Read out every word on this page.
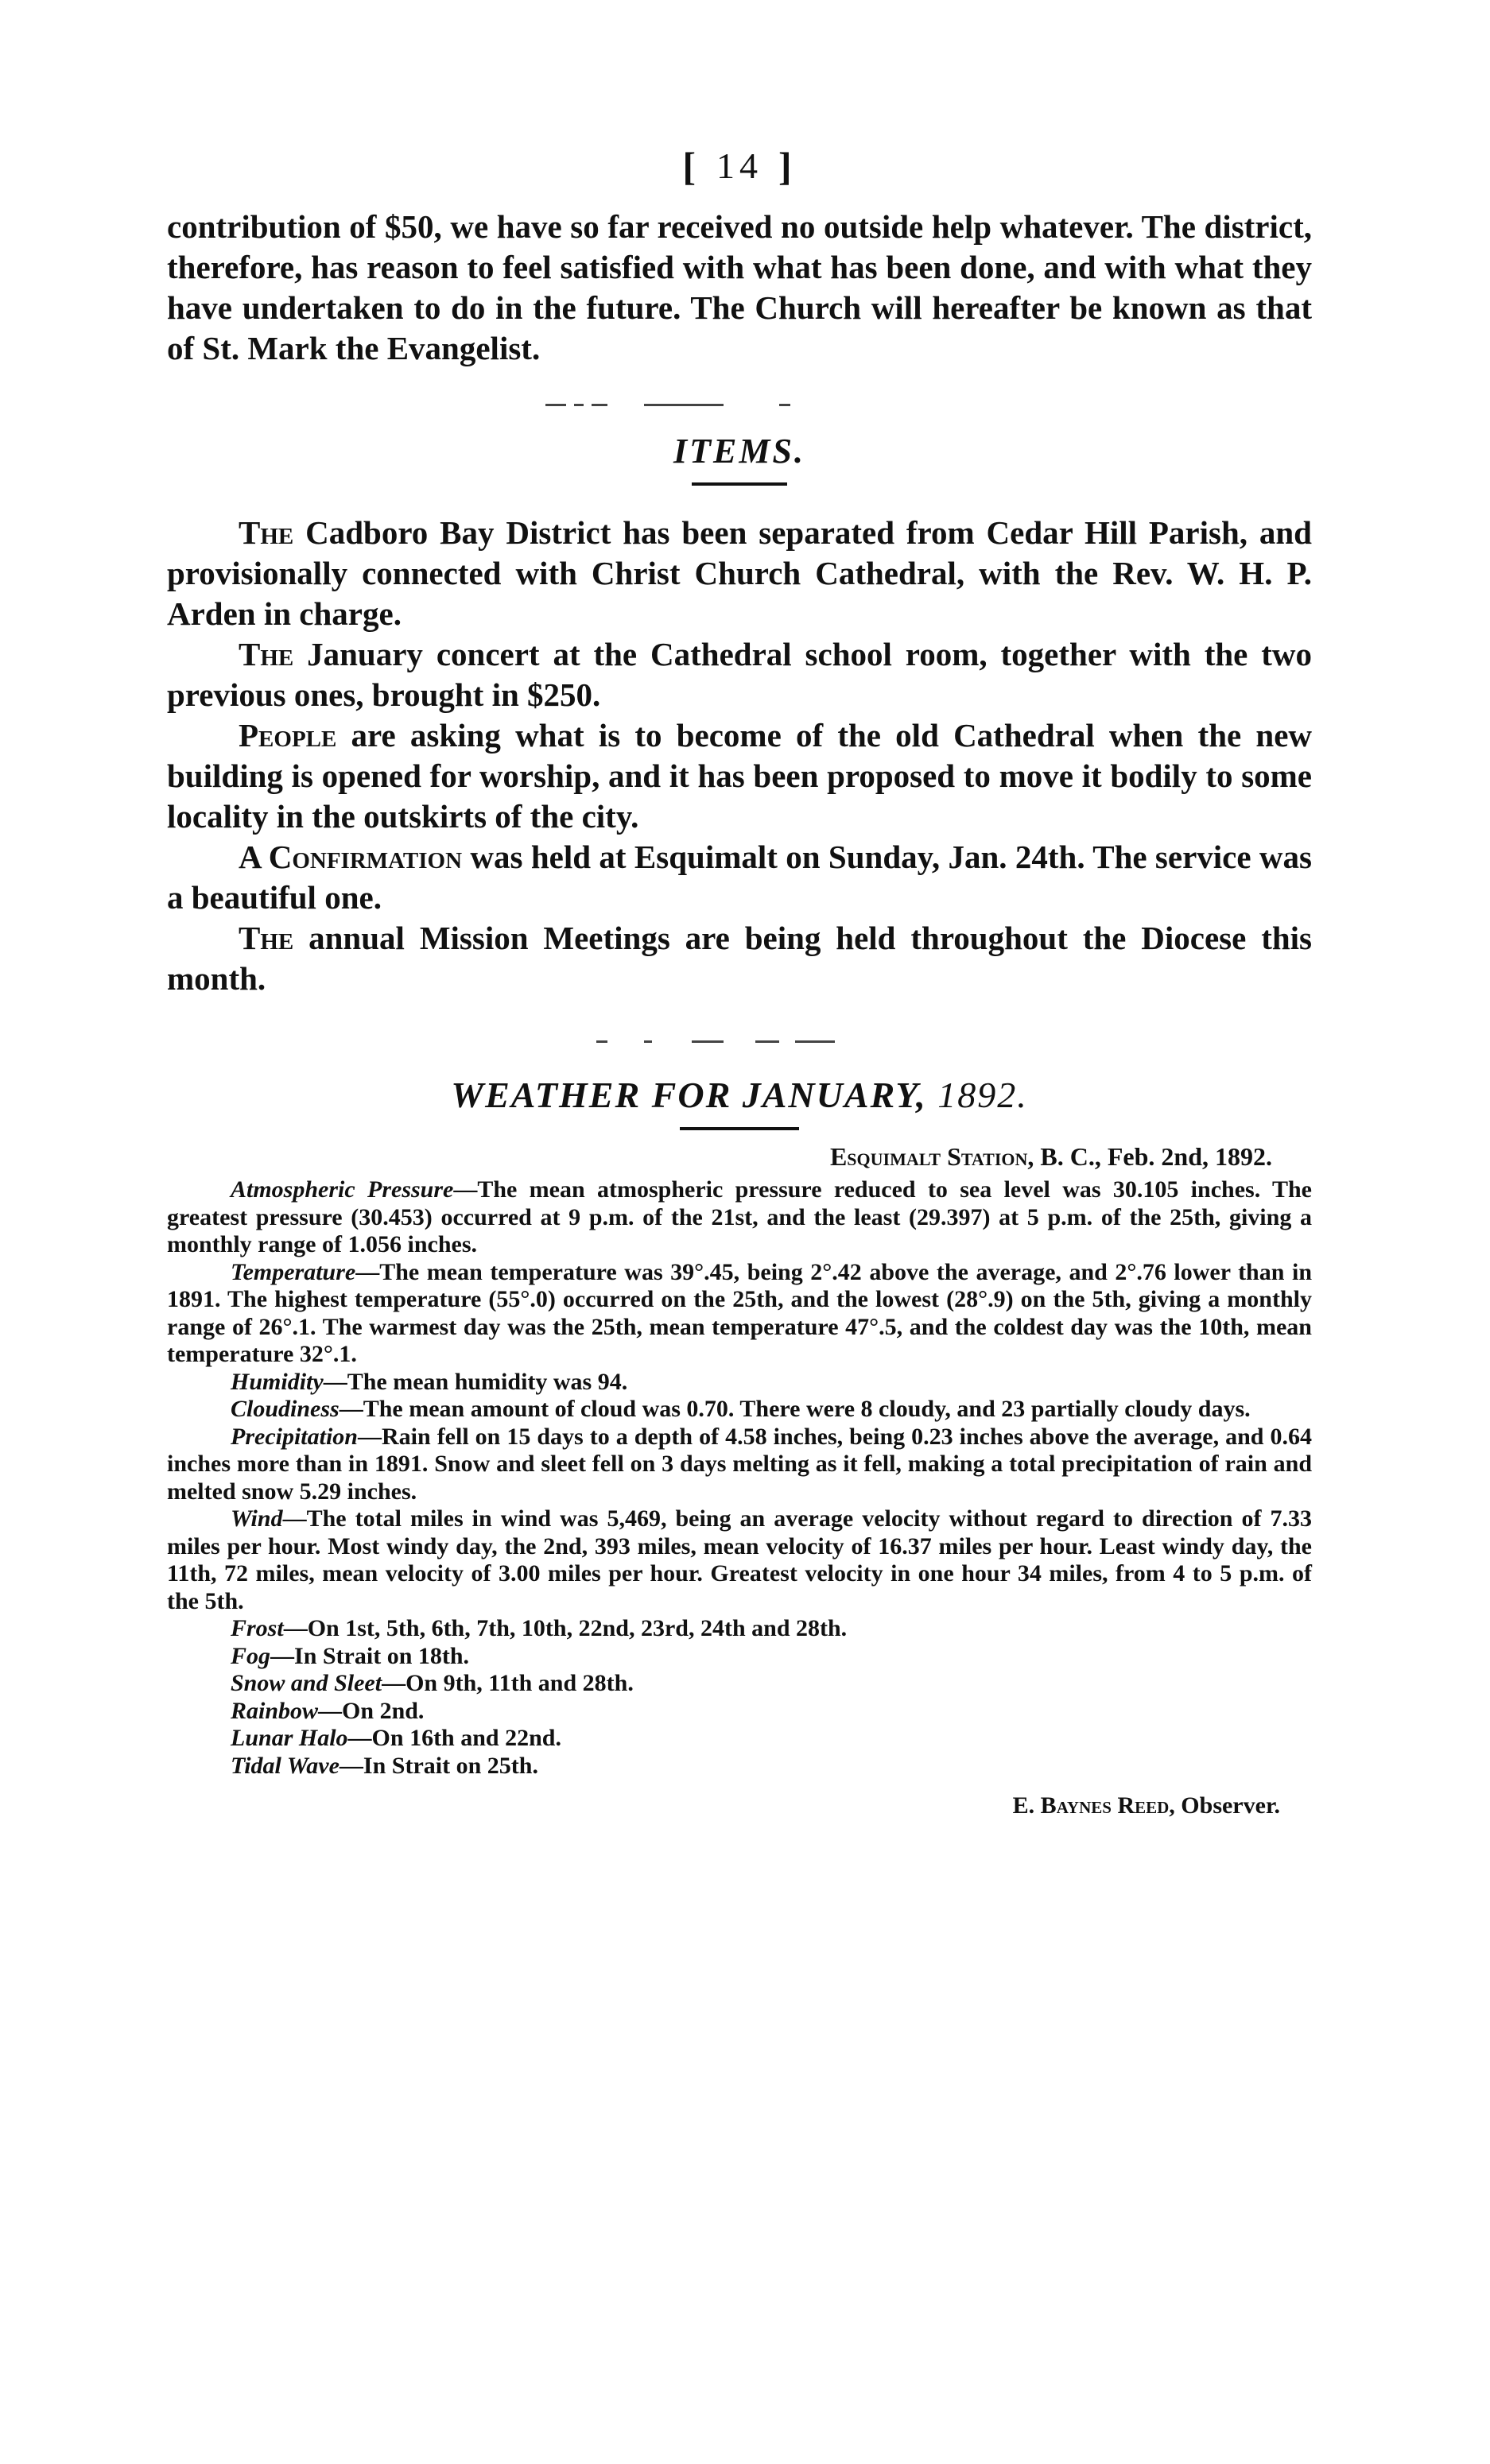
[ 14 ]

contribution of $50, we have so far received no outside help whatever. The district, therefore, has reason to feel satisfied with what has been done, and with what they have undertaken to do in the future. The Church will hereafter be known as that of St. Mark the Evangelist.

ITEMS.

The Cadboro Bay District has been separated from Cedar Hill Parish, and provisionally connected with Christ Church Cathedral, with the Rev. W. H. P. Arden in charge.

The January concert at the Cathedral school room, together with the two previous ones, brought in $250.

People are asking what is to become of the old Cathedral when the new building is opened for worship, and it has been proposed to move it bodily to some locality in the outskirts of the city.

A Confirmation was held at Esquimalt on Sunday, Jan. 24th. The service was a beautiful one.

The annual Mission Meetings are being held throughout the Diocese this month.

WEATHER FOR JANUARY, 1892.
Esquimalt Station, B. C., Feb. 2nd, 1892.

Atmospheric Pressure—The mean atmospheric pressure reduced to sea level was 30.105 inches. The greatest pressure (30.453) occurred at 9 p.m. of the 21st, and the least (29.397) at 5 p.m. of the 25th, giving a monthly range of 1.056 inches.

Temperature—The mean temperature was 39°.45, being 2°.42 above the average, and 2°.76 lower than in 1891. The highest temperature (55°.0) occurred on the 25th, and the lowest (28°.9) on the 5th, giving a monthly range of 26°.1. The warmest day was the 25th, mean temperature 47°.5, and the coldest day was the 10th, mean temperature 32°.1.

Humidity—The mean humidity was 94.

Cloudiness—The mean amount of cloud was 0.70. There were 8 cloudy, and 23 partially cloudy days.

Precipitation—Rain fell on 15 days to a depth of 4.58 inches, being 0.23 inches above the average, and 0.64 inches more than in 1891. Snow and sleet fell on 3 days melting as it fell, making a total precipitation of rain and melted snow 5.29 inches.

Wind—The total miles in wind was 5,469, being an average velocity without regard to direction of 7.33 miles per hour. Most windy day, the 2nd, 393 miles, mean velocity of 16.37 miles per hour. Least windy day, the 11th, 72 miles, mean velocity of 3.00 miles per hour. Greatest velocity in one hour 34 miles, from 4 to 5 p.m. of the 5th.

Frost—On 1st, 5th, 6th, 7th, 10th, 22nd, 23rd, 24th and 28th.

Fog—In Strait on 18th.

Snow and Sleet—On 9th, 11th and 28th.

Rainbow—On 2nd.

Lunar Halo—On 16th and 22nd.

Tidal Wave—In Strait on 25th.

E. Baynes Reed, Observer.
